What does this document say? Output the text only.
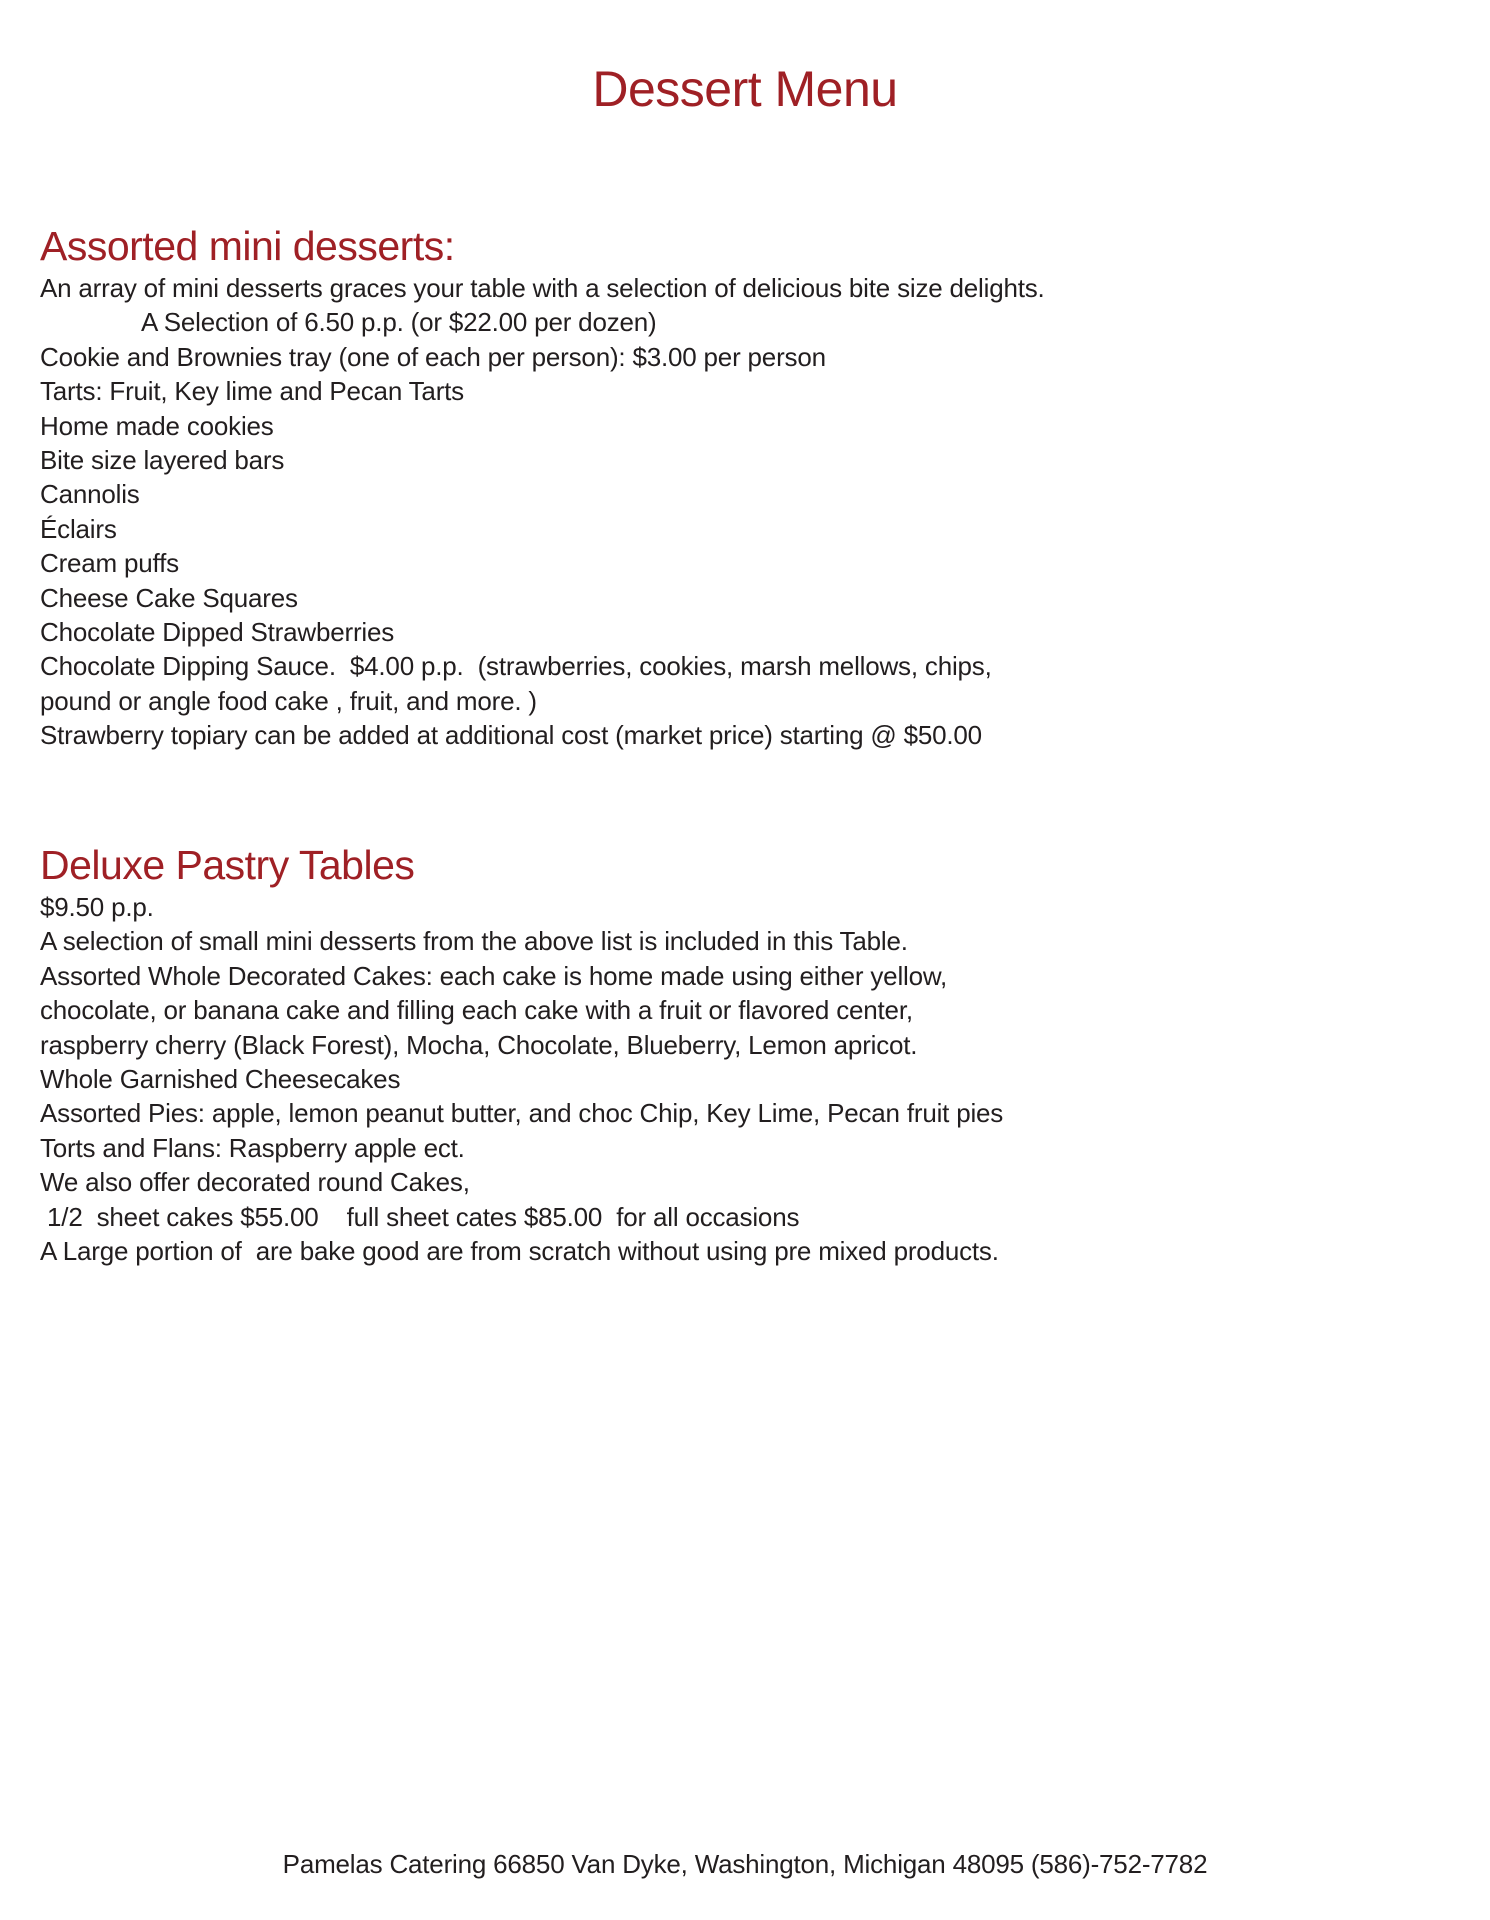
Dessert Menu
Assorted mini desserts:
An array of mini desserts graces your table with a selection of delicious bite size delights.
A Selection of 6.50 p.p. (or $22.00 per dozen)
Cookie and Brownies tray (one of each per person): $3.00 per person
Tarts: Fruit, Key lime and Pecan Tarts
Home made cookies
Bite size layered bars
Cannolis
Éclairs
Cream puffs
Cheese Cake Squares
Chocolate Dipped Strawberries
Chocolate Dipping Sauce.  $4.00 p.p.  (strawberries, cookies, marsh mellows, chips,
pound or angle food cake , fruit, and more. )
Strawberry topiary can be added at additional cost (market price) starting @ $50.00
Deluxe Pastry Tables
$9.50 p.p.
A selection of small mini desserts from the above list is included in this Table.
Assorted Whole Decorated Cakes: each cake is home made using either yellow,
chocolate, or banana cake and filling each cake with a fruit or flavored center,
raspberry cherry (Black Forest), Mocha, Chocolate, Blueberry, Lemon apricot.
Whole Garnished Cheesecakes
Assorted Pies: apple, lemon peanut butter, and choc Chip, Key Lime, Pecan fruit pies
Torts and Flans: Raspberry apple ect.
We also offer decorated round Cakes,
1/2  sheet cakes $55.00    full sheet cates $85.00  for all occasions
A Large portion of  are bake good are from scratch without using pre mixed products.
Pamelas Catering 66850 Van Dyke, Washington, Michigan 48095 (586)-752-7782
